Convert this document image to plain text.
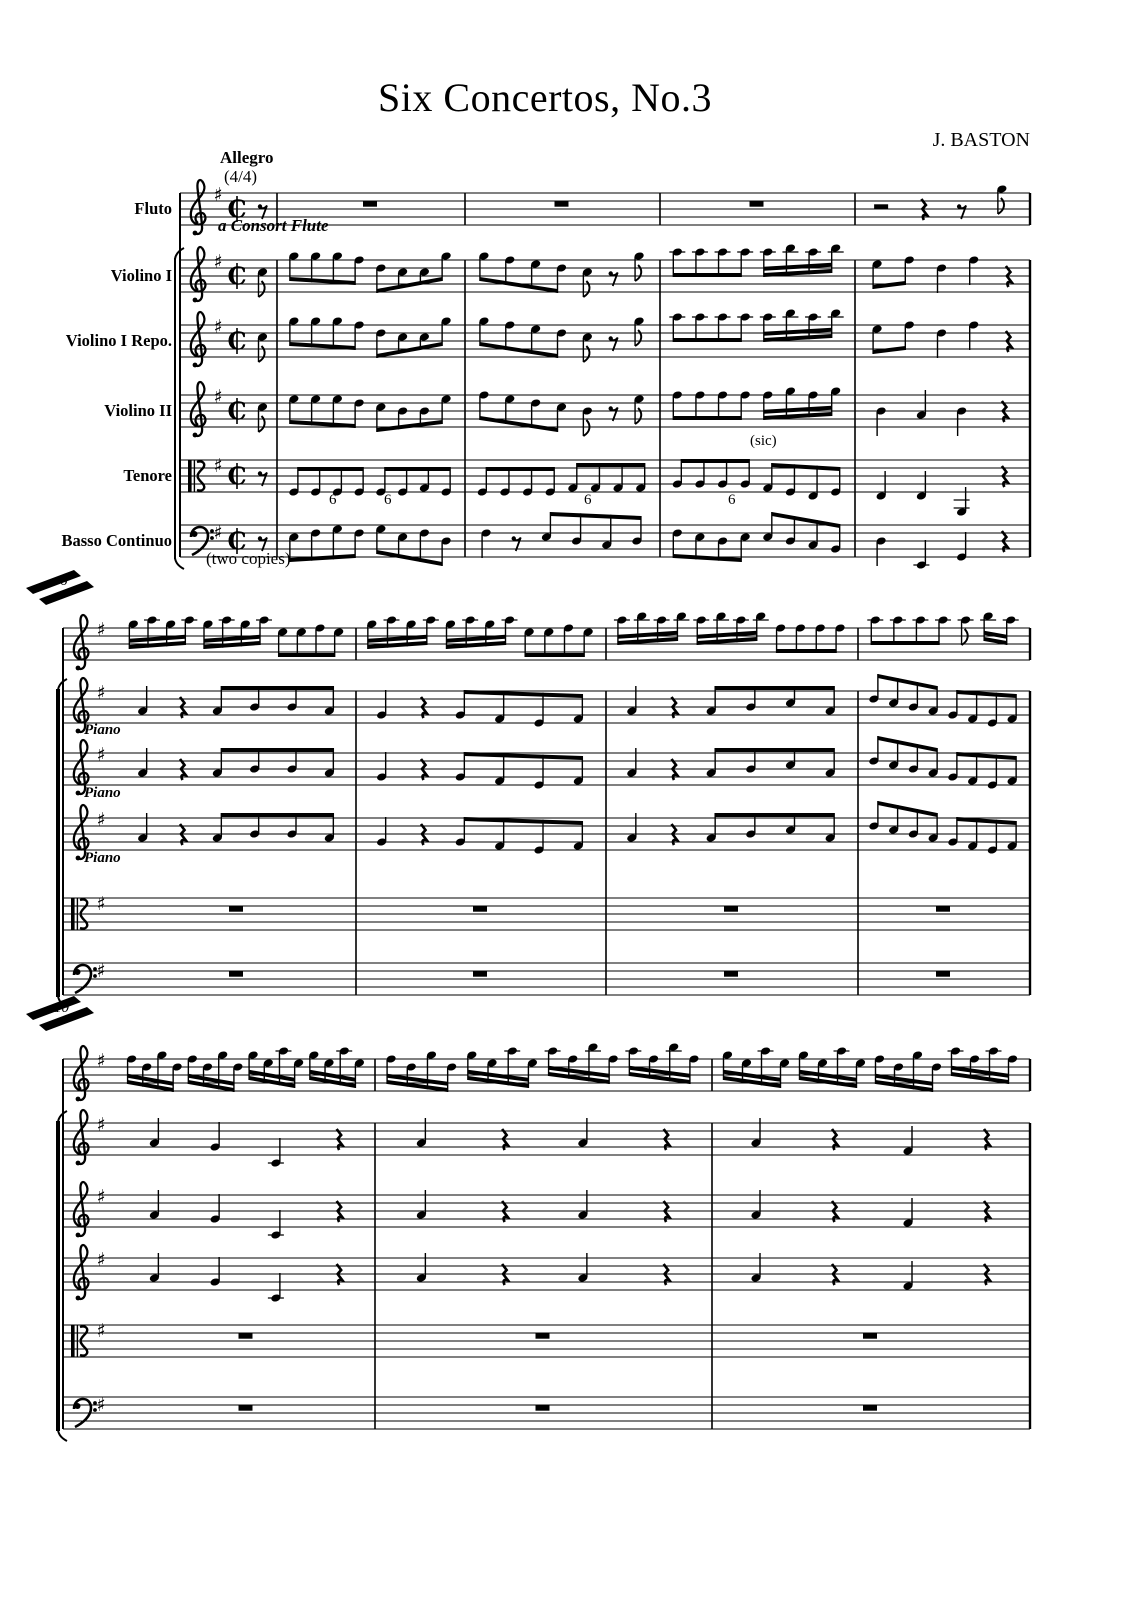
♯ C
♯ C
♯ C
♯ C
♯ C
♯ C
♯
♯
♯
♯
♯
♯
♯
♯
♯
♯
♯
♯
Six Concertos, No.3
J. BASTON
Allegro
(4/4)
a Consort Flute
(two copies)
(sic)
Fluto
Violino I
Violino I Repo.
Violino II
Tenore
Basso Continuo
Piano
Piano
Piano
6	6	6	6
6
10
